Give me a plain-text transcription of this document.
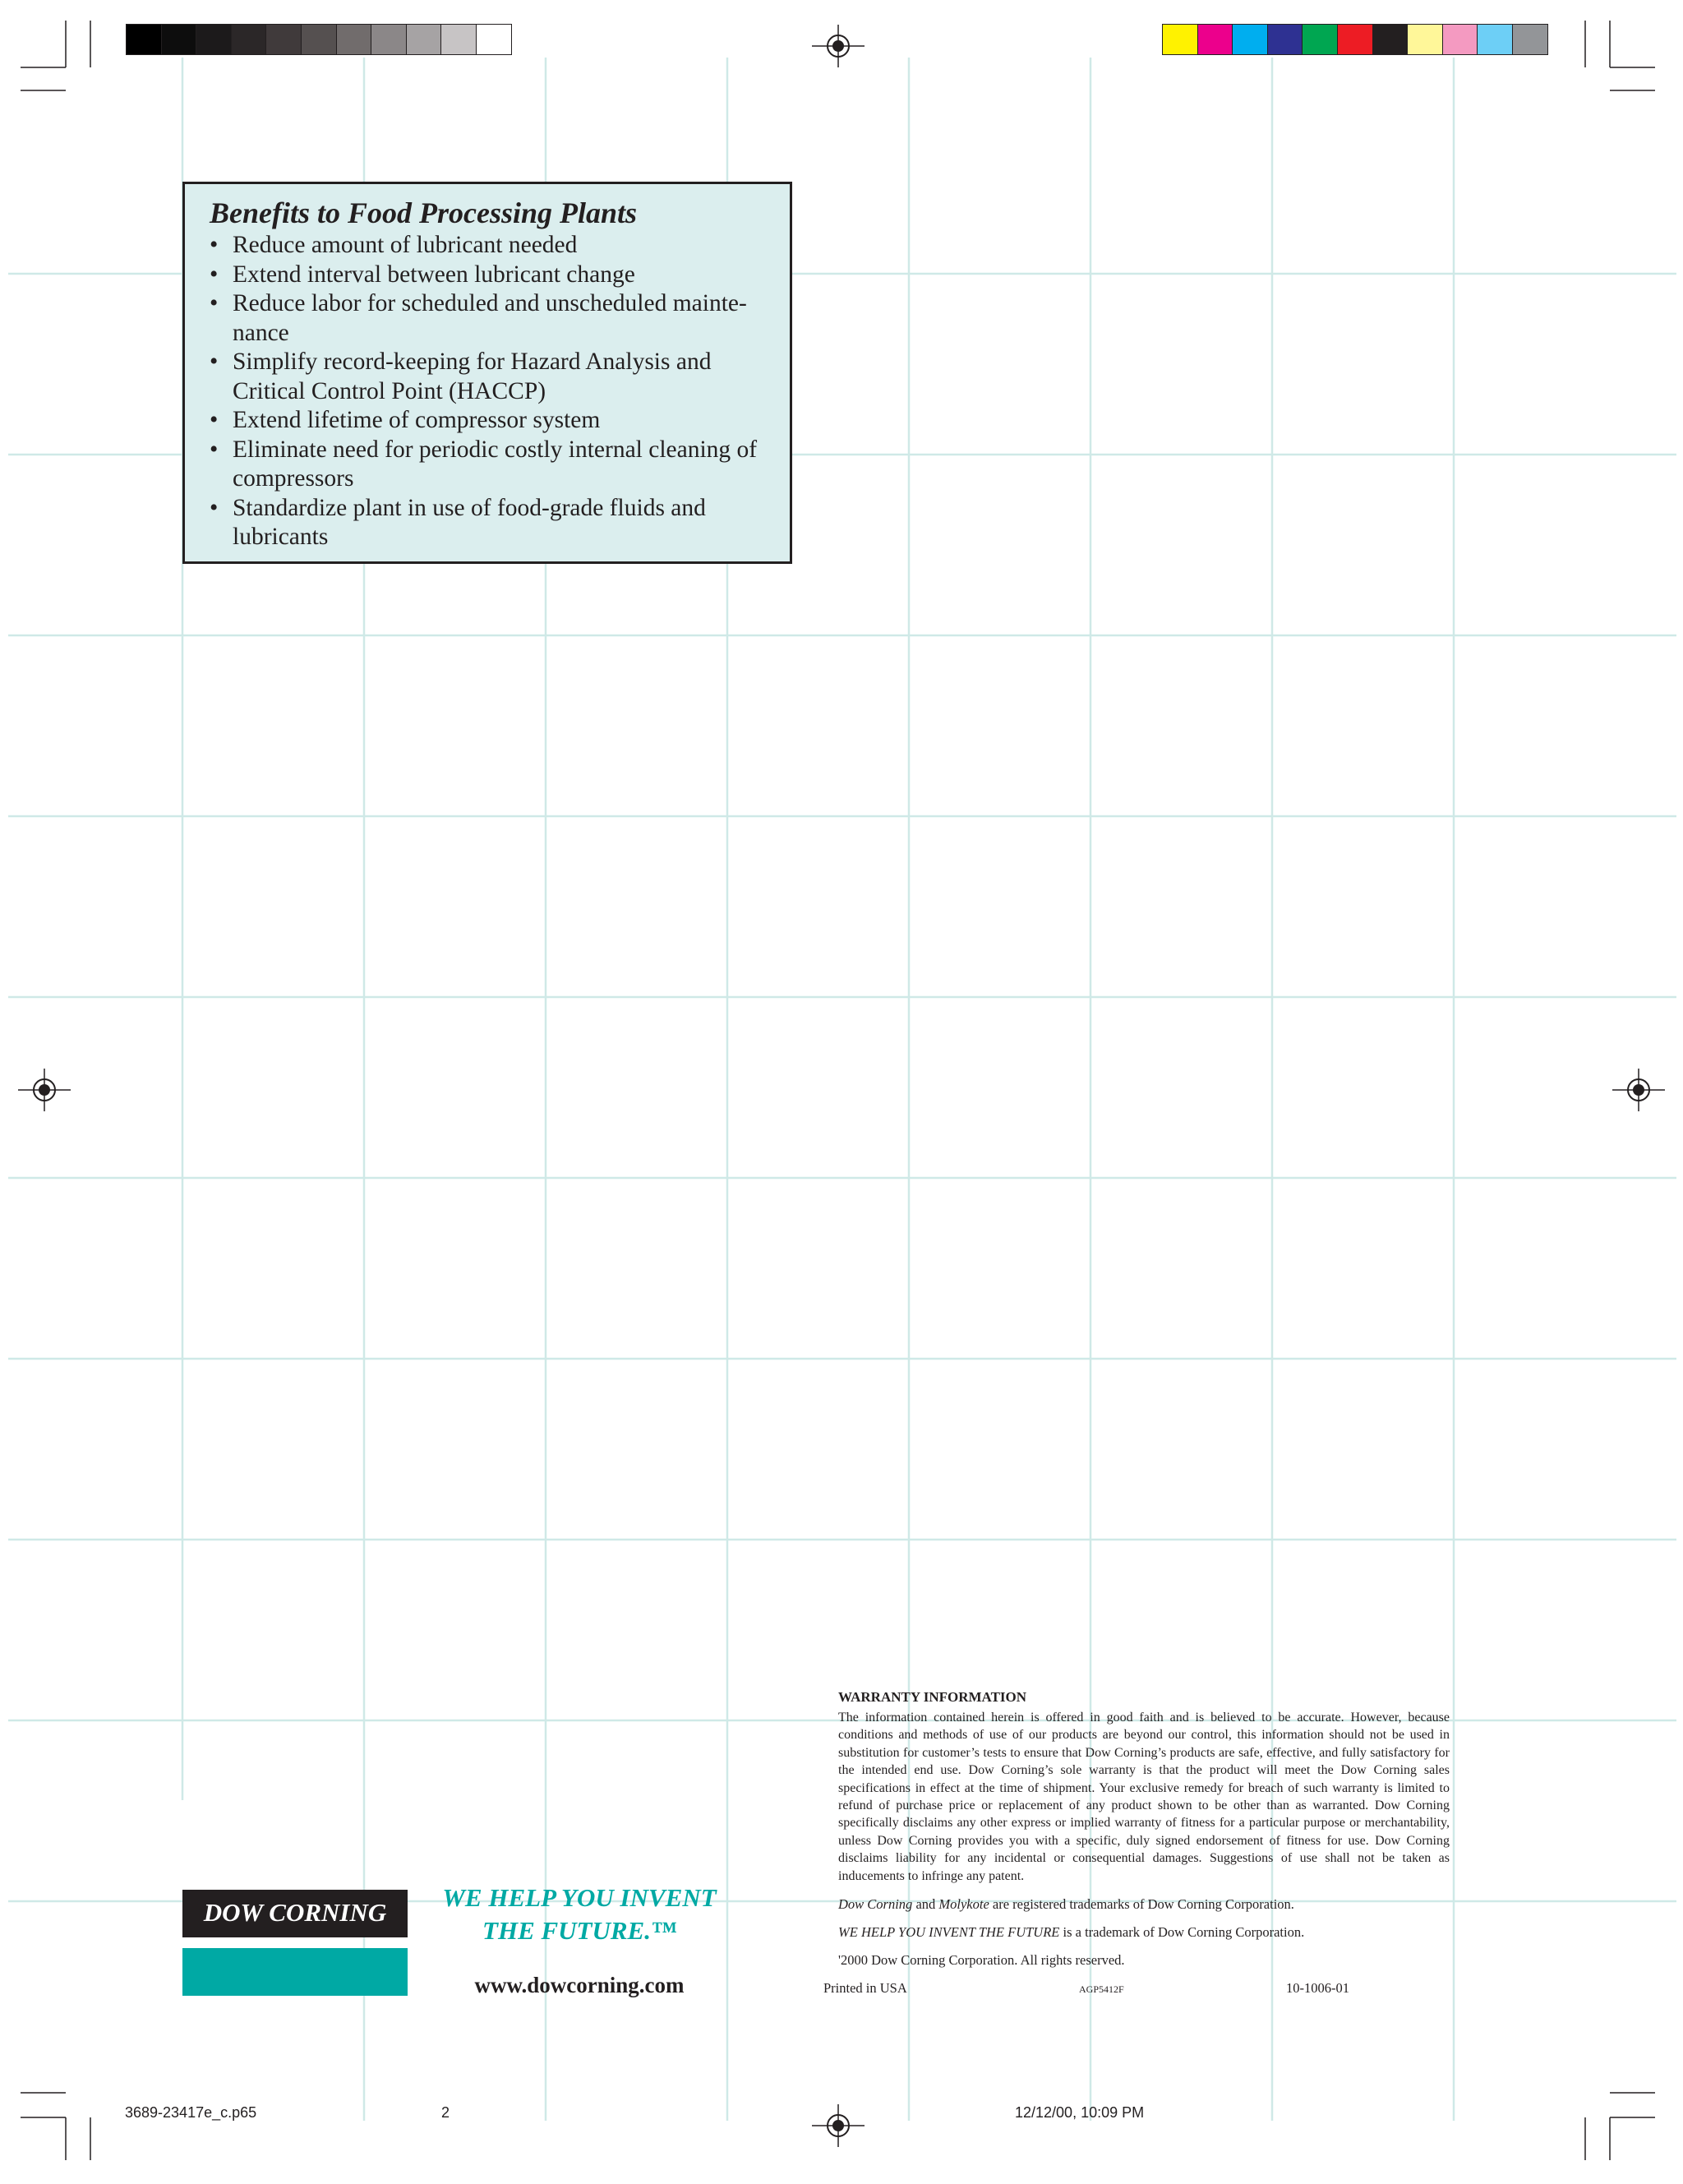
Benefits to Food Processing Plants
• Reduce amount of lubricant needed
• Extend interval between lubricant change
• Reduce labor for scheduled and unscheduled mainte-
nance
• Simplify record-keeping for Hazard Analysis and
Critical Control Point (HACCP)
• Extend lifetime of compressor system
• Eliminate need for periodic costly internal cleaning of
compressors
• Standardize plant in use of food-grade fluids and
lubricants
WARRANTY INFORMATION

The information contained herein is offered in good faith and is believed to be accurate. However, because conditions and methods of use of our products are beyond our control, this information should not be used in substitution for customer’s tests to ensure that Dow Corning’s products are safe, effective, and fully satisfactory for the intended end use. Dow Corning’s sole warranty is that the product will meet the Dow Corning sales specifications in effect at the time of shipment. Your exclusive remedy for breach of such warranty is limited to refund of purchase price or replacement of any product shown to be other than as warranted. Dow Corning specifically disclaims any other express or implied warranty of fitness for a particular purpose or merchantability, unless Dow Corning provides you with a specific, duly signed endorsement of fitness for use. Dow Corning disclaims liability for any incidental or consequential damages. Suggestions of use shall not be taken as inducements to infringe any patent.

Dow Corning and Molykote are registered trademarks of Dow Corning Corporation.
WE HELP YOU INVENT THE FUTURE is a trademark of Dow Corning Corporation.
'2000 Dow Corning Corporation. All rights reserved.
Printed in USA	AGP5412F	10-1006-01
DOW CORNING
WE HELP YOU INVENT
THE FUTURE.™
www.dowcorning.com
3689-23417e_c.p65	2	12/12/00, 10:09 PM
